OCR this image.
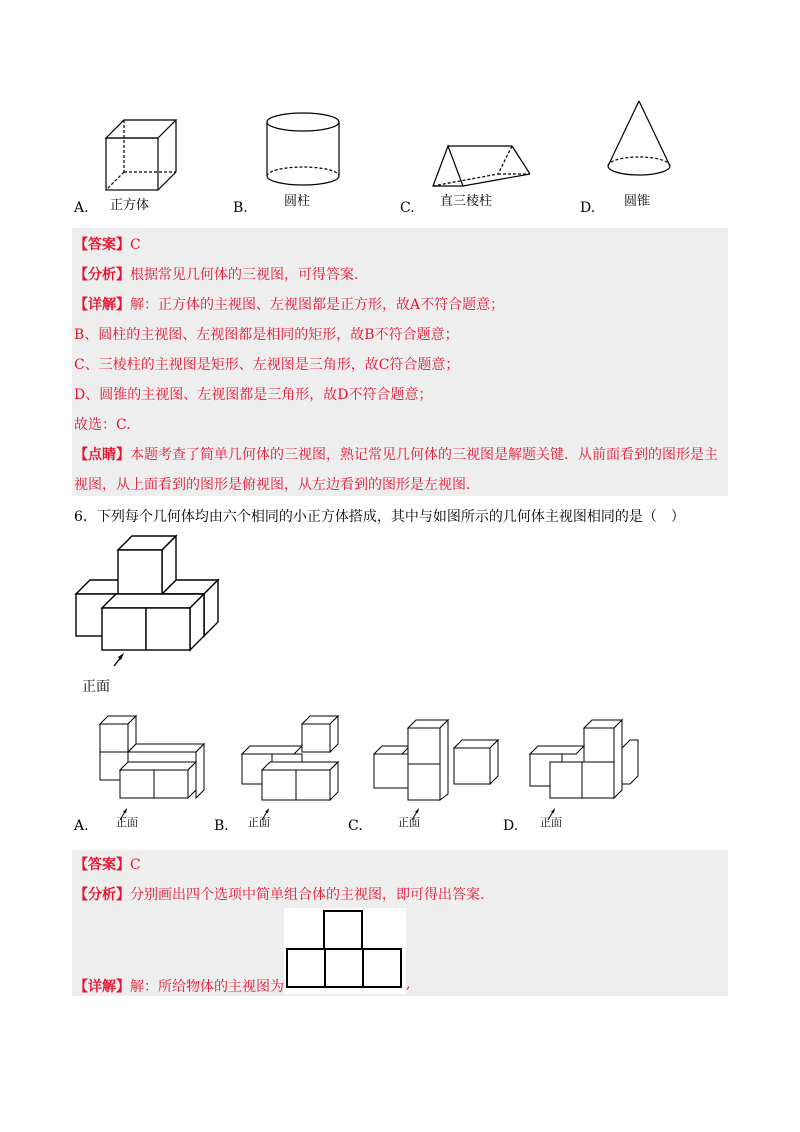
A. 正方体	B.	圆柱	C. 直三棱柱	D. 圆锥
【答案】C
【分析】根据常见几何体的三视图，可得答案.
【详解】解：正方体的主视图、左视图都是正方形，故A不符合题意；
B、圆柱的主视图、左视图都是相同的矩形，故B不符合题意；
C、三棱柱的主视图是矩形、左视图是三角形，故C符合题意；
D、圆锥的主视图、左视图都是三角形，故D不符合题意；
故选：C.
【点睛】本题考查了简单几何体的三视图，熟记常见几何体的三视图是解题关键．从前面看到的图形是主
视图，从上面看到的图形是俯视图，从左边看到的图形是左视图.
6．下列每个几何体均由六个相同的小正方体搭成，其中与如图所示的几何体主视图相同的是（　）
正面
A. 正面	B. 正面	C.	正面	D. 正面
【答案】C
【分析】分别画出四个选项中简单组合体的主视图，即可得出答案.
【详解】解：所给物体的主视图为	,
